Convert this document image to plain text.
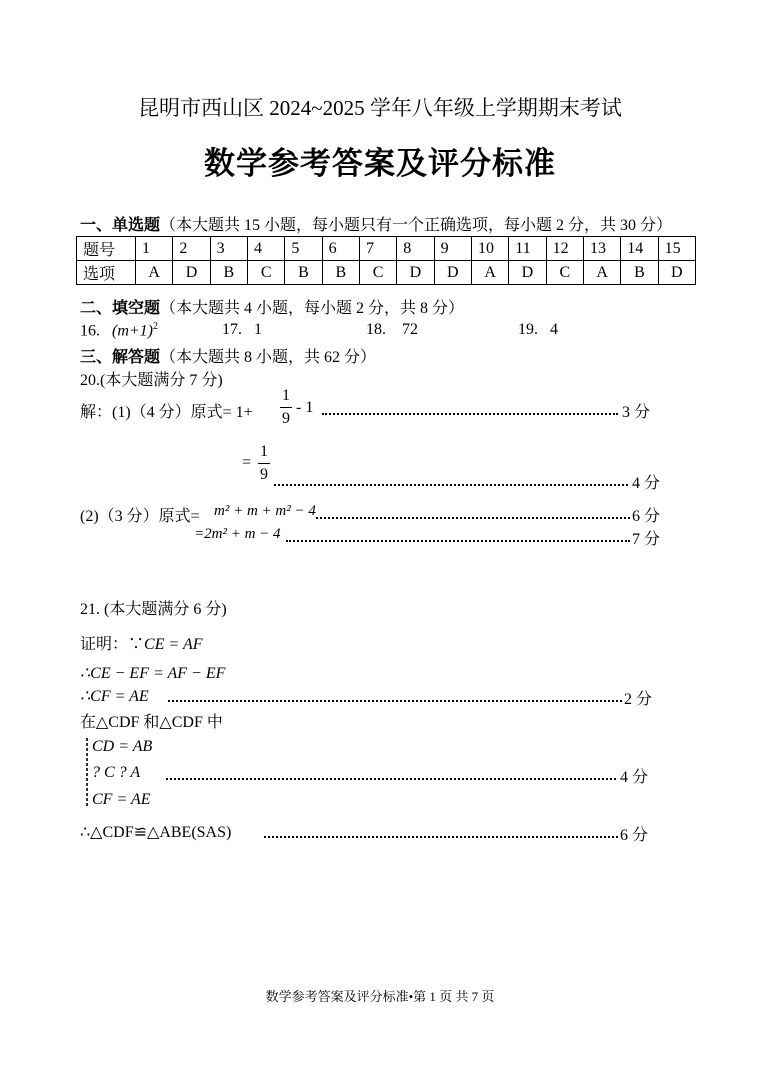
昆明市西山区 2024~2025 学年八年级上学期期末考试
数学参考答案及评分标准
一、单选题（本大题共 15 小题，每小题只有一个正确选项，每小题 2 分，共 30 分）
题号	1	2	3	4	5	6	7	8	9	10	11	12	13	14	15
选项	A	D	B	C	B	B	C	D	D	A	D	C	A	B	D
二、填空题（本大题共 4 小题，每小题 2 分，共 8 分）
16. $(m+1)^2$	17. 1	18. 72	19. 4
三、解答题（本大题共 8 小题，共 62 分）
20.(本大题满分 7 分)
解：(1)（4 分）原式= 1+
1
9
- 1	3 分
=
1
9
4 分
(2)（3 分）原式= m² + m + m² − 4	6 分
=2m² + m − 4	7 分
21. (本大题满分 6 分)
证明：∵CE = AF
∴CE − EF = AF − EF
∴CF = AE	2 分
在△CDF 和△CDF 中
CD = AB
? C ? A	4 分
CF = AE
∴△CDF≌△ABE(SAS)	6 分
数学参考答案及评分标准•第 1 页 共 7 页
